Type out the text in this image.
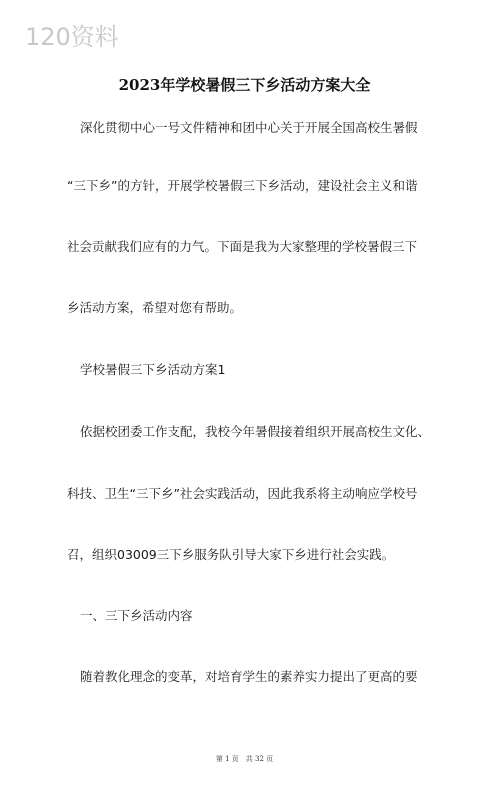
120资料
2023年学校暑假三下乡活动方案大全
深化贯彻中心一号文件精神和团中心关于开展全国高校生暑假
“三下乡”的方针，开展学校暑假三下乡活动，建设社会主义和谐
社会贡献我们应有的力气。下面是我为大家整理的学校暑假三下
乡活动方案，希望对您有帮助。
学校暑假三下乡活动方案1
依据校团委工作支配，我校今年暑假接着组织开展高校生文化、
科技、卫生“三下乡”社会实践活动，因此我系将主动响应学校号
召，组织03009三下乡服务队引导大家下乡进行社会实践。
一、三下乡活动内容
随着教化理念的变革，对培育学生的素养实力提出了更高的要
第 1 页　共 32 页
